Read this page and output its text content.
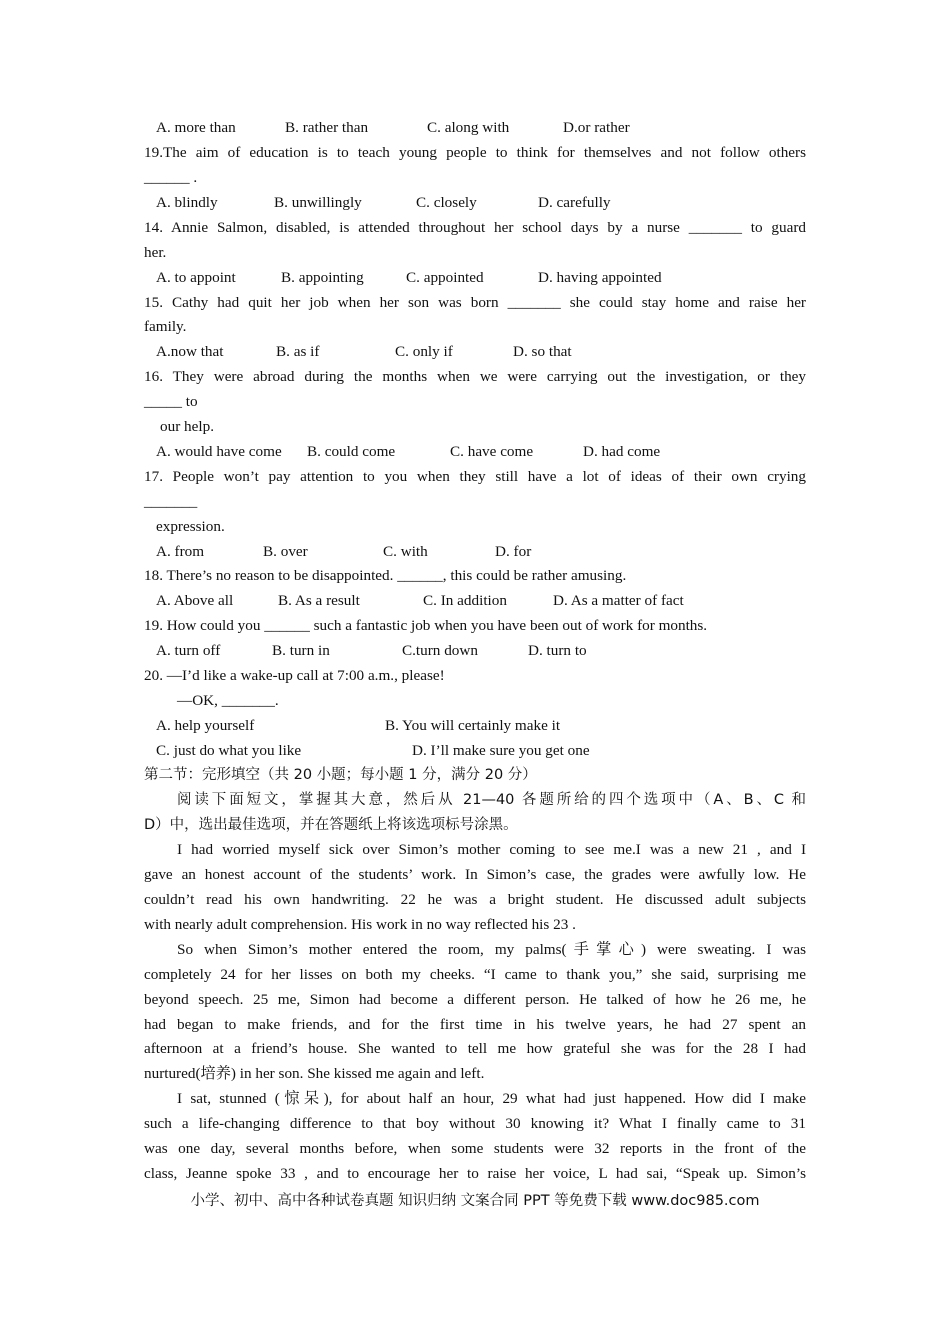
A. more than	B. rather than	C. along with	D.or rather
19.The aim of education is to teach young people to think for themselves and not follow others
______ .
A. blindly	B. unwillingly	C. closely	D. carefully
14. Annie Salmon, disabled, is attended throughout her school days by a nurse _______ to guard
her.
A. to appoint	B. appointing	C. appointed	D. having appointed
15. Cathy had quit her job when her son was born _______ she could stay home and raise her
family.
A.now that	B. as if	C. only if	D. so that
16. They were abroad during the months when we were carrying out the investigation, or they
_____ to
our help.
A. would have come B. could come	C. have come	D. had come
17. People won’t pay attention to you when they still have a lot of ideas of their own crying
_______
expression.
A. from	B. over	C. with	D. for
18. There’s no reason to be disappointed. ______, this could be rather amusing.
A. Above all	B. As a result	C. In addition	D. As a matter of fact
19. How could you ______ such a fantastic job when you have been out of work for months.
A. turn off	B. turn in	C.turn down	D. turn to
20. —I’d like a wake-up call at 7:00 a.m., please!
—OK, _______.
A. help yourself	B. You will certainly make it
C. just do what you like	D. I’ll make sure you get one
第二节：完形填空（共 20 小题；每小题 1 分，满分 20 分）
阅读下面短文，掌握其大意，然后从 21—40 各题所给的四个选项中（A、B、C 和
D）中，选出最佳选项，并在答题纸上将该选项标号涂黑。
I had worried myself sick over Simon’s mother coming to see me.I was a new 21 , and I
gave an honest account of the students’ work. In Simon’s case, the grades were awfully low. He
couldn’t read his own handwriting. 22 he was a bright student. He discussed adult subjects
with nearly adult comprehension. His work in no way reflected his 23 .
So when Simon’s mother entered the room, my palms(手掌心) were sweating. I was
completely 24 for her lisses on both my cheeks. “I came to thank you,” she said, surprising me
beyond speech. 25 me, Simon had become a different person. He talked of how he 26 me, he
had began to make friends, and for the first time in his twelve years, he had 27 spent an
afternoon at a friend’s house. She wanted to tell me how grateful she was for the 28 I had
nurtured(培养) in her son. She kissed me again and left.
I sat, stunned (惊呆), for about half an hour, 29 what had just happened. How did I make
such a life-changing difference to that boy without 30 knowing it? What I finally came to 31
was one day, several months before, when some students were 32 reports in the front of the
class, Jeanne spoke 33 , and to encourage her to raise her voice, L had sai, “Speak up. Simon’s
小学、初中、高中各种试卷真题 知识归纳 文案合同 PPT 等免费下载 www.doc985.com
